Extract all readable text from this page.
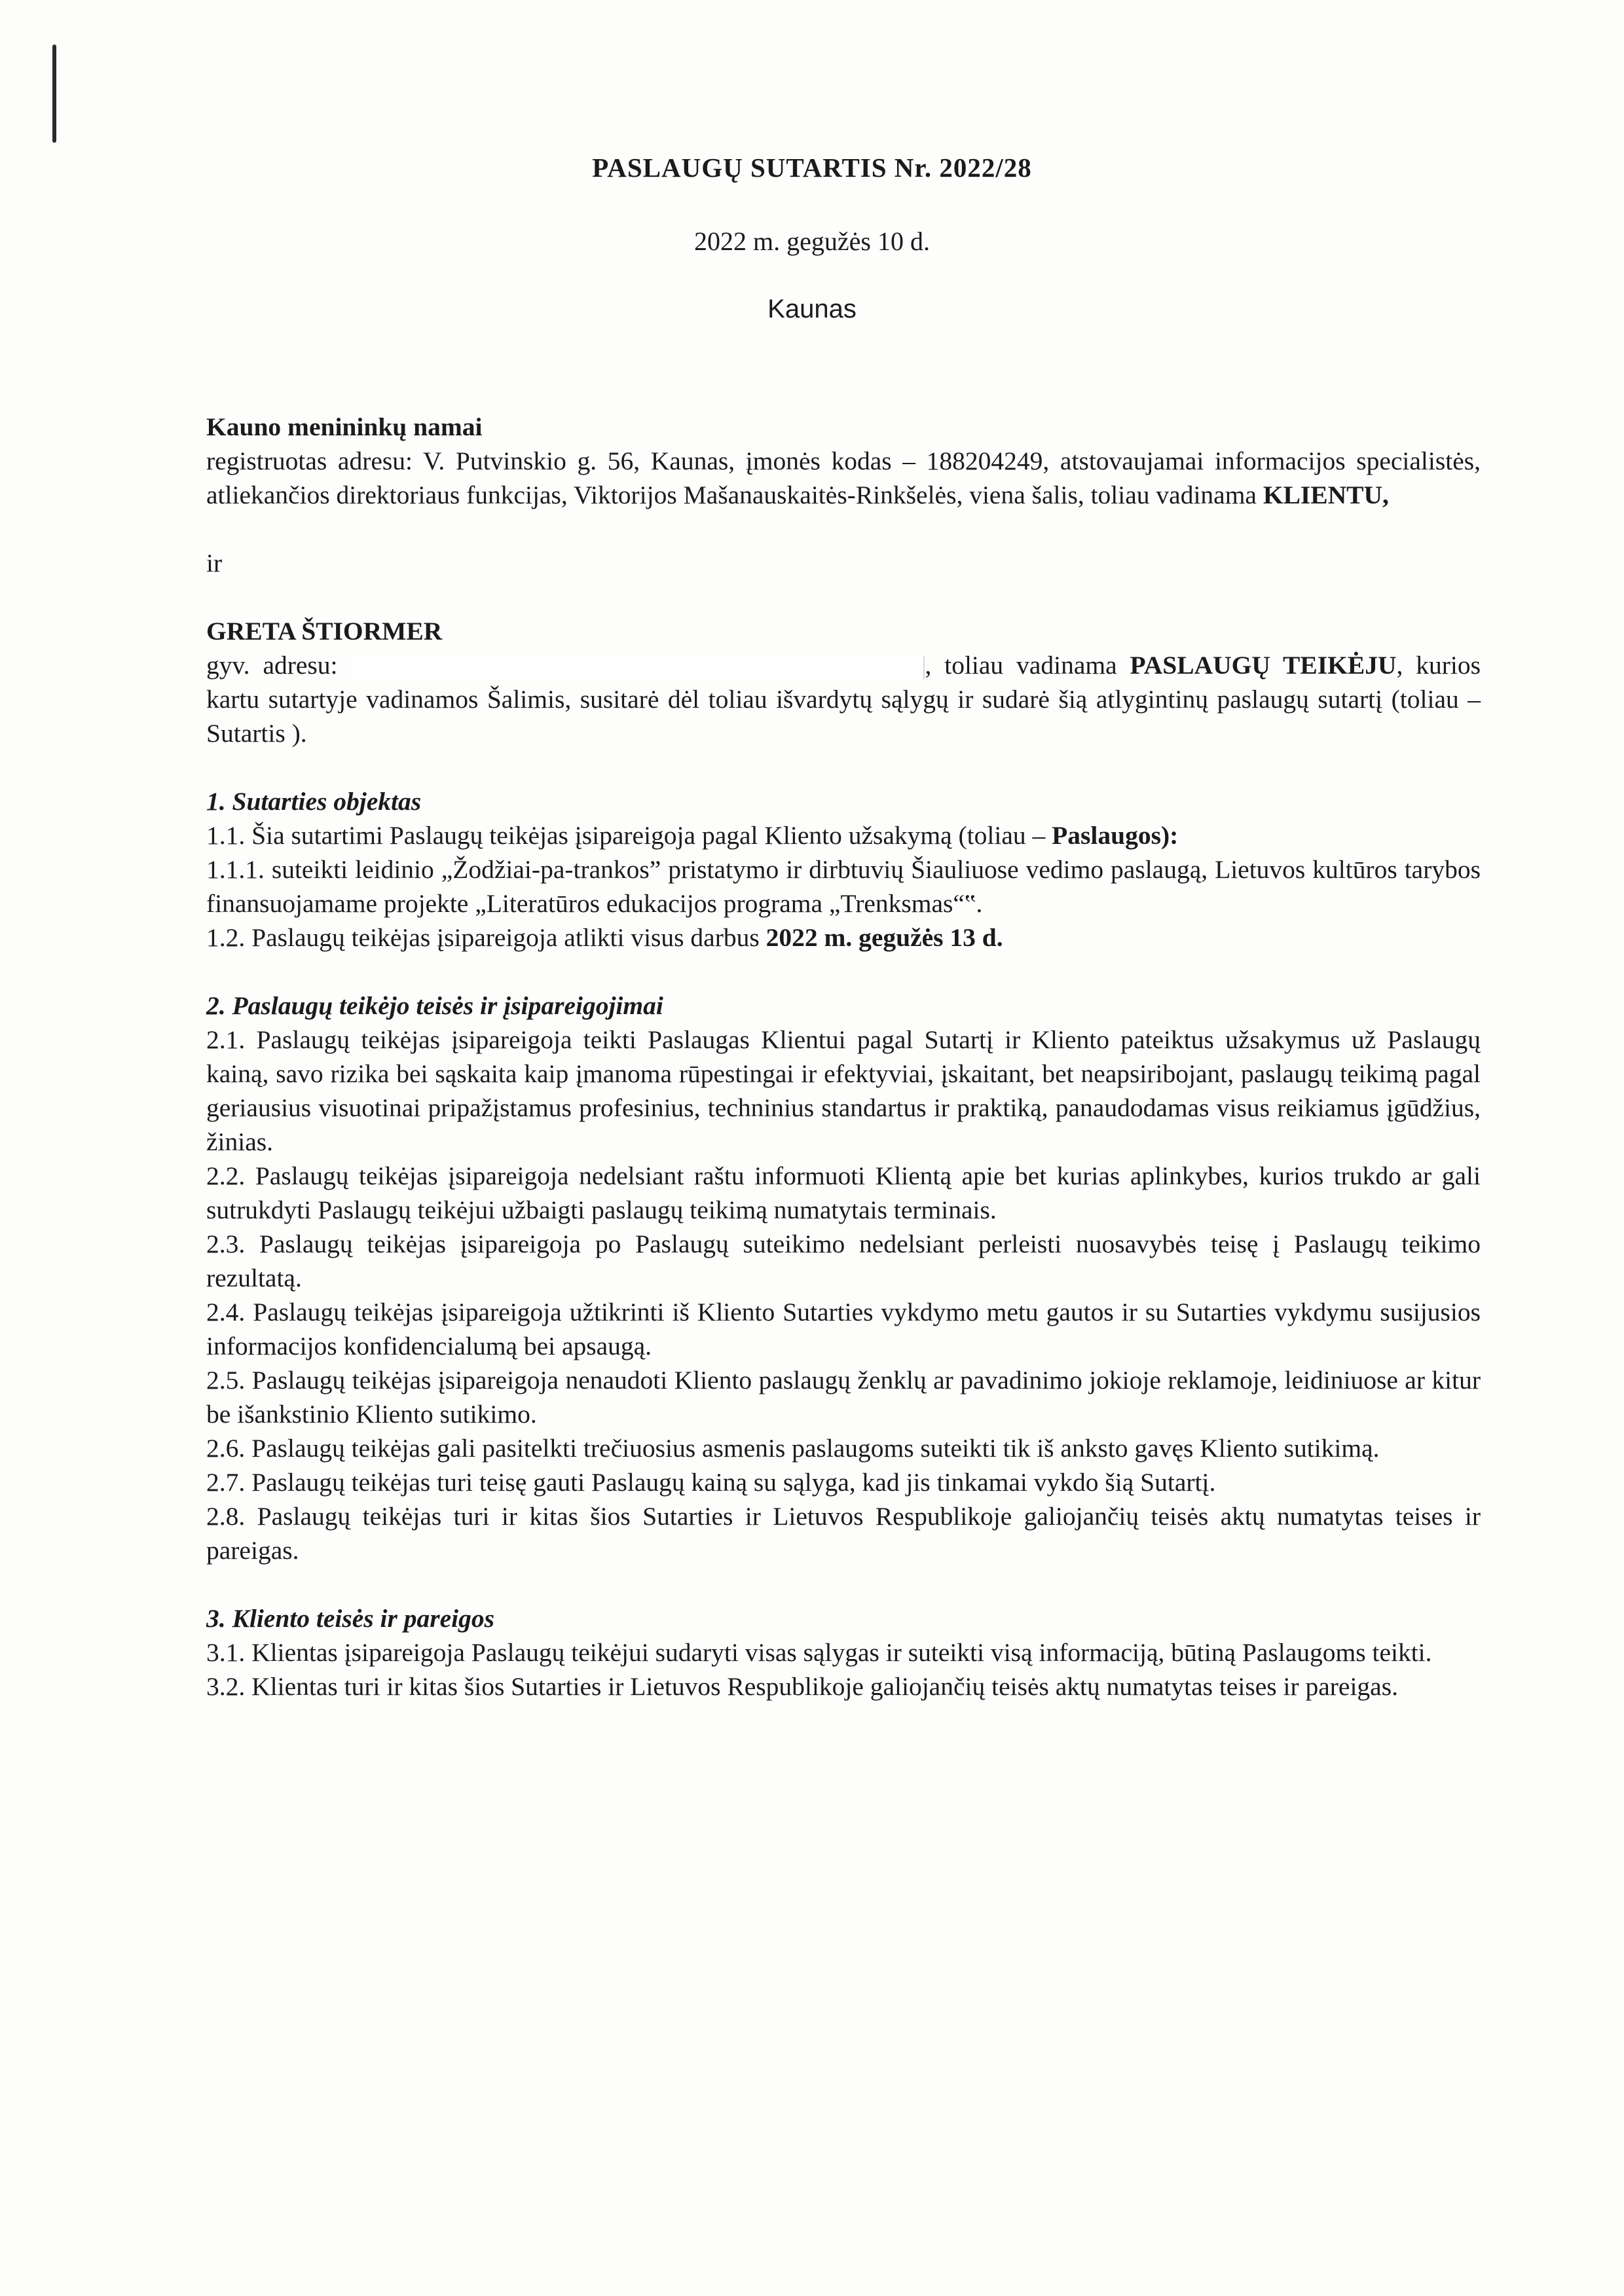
PASLAUGŲ SUTARTIS Nr. 2022/28
2022 m. gegužės 10 d.
Kaunas

Kauno menininkų namai

registruotas adresu: V. Putvinskio g. 56, Kaunas, įmonės kodas – 188204249, atstovaujamai informacijos specialistės, atliekančios direktoriaus funkcijas, Viktorijos Mašanauskaitės-Rinkšelės, viena šalis, toliau vadinama KLIENTU,

ir

GRETA ŠTIORMER

gyv. adresu:	, toliau vadinama PASLAUGŲ TEIKĖJU, kurios kartu sutartyje vadinamos Šalimis, susitarė dėl toliau išvardytų sąlygų ir sudarė šią atlygintinų paslaugų sutartį (toliau – Sutartis ).

1. Sutarties objektas

1.1. Šia sutartimi Paslaugų teikėjas įsipareigoja pagal Kliento užsakymą (toliau – Paslaugos):

1.1.1. suteikti leidinio „Žodžiai-pa-trankos” pristatymo ir dirbtuvių Šiauliuose vedimo paslaugą, Lietuvos kultūros tarybos finansuojamame projekte „Literatūros edukacijos programa „Trenksmas“‟.

1.2. Paslaugų teikėjas įsipareigoja atlikti visus darbus 2022 m. gegužės 13 d.

2. Paslaugų teikėjo teisės ir įsipareigojimai

2.1. Paslaugų teikėjas įsipareigoja teikti Paslaugas Klientui pagal Sutartį ir Kliento pateiktus užsakymus už Paslaugų kainą, savo rizika bei sąskaita kaip įmanoma rūpestingai ir efektyviai, įskaitant, bet neapsiribojant, paslaugų teikimą pagal geriausius visuotinai pripažįstamus profesinius, techninius standartus ir praktiką, panaudodamas visus reikiamus įgūdžius, žinias.

2.2. Paslaugų teikėjas įsipareigoja nedelsiant raštu informuoti Klientą apie bet kurias aplinkybes, kurios trukdo ar gali sutrukdyti Paslaugų teikėjui užbaigti paslaugų teikimą numatytais terminais.

2.3. Paslaugų teikėjas įsipareigoja po Paslaugų suteikimo nedelsiant perleisti nuosavybės teisę į Paslaugų teikimo rezultatą.

2.4. Paslaugų teikėjas įsipareigoja užtikrinti iš Kliento Sutarties vykdymo metu gautos ir su Sutarties vykdymu susijusios informacijos konfidencialumą bei apsaugą.

2.5. Paslaugų teikėjas įsipareigoja nenaudoti Kliento paslaugų ženklų ar pavadinimo jokioje reklamoje, leidiniuose ar kitur be išankstinio Kliento sutikimo.

2.6. Paslaugų teikėjas gali pasitelkti trečiuosius asmenis paslaugoms suteikti tik iš anksto gavęs Kliento sutikimą.

2.7. Paslaugų teikėjas turi teisę gauti Paslaugų kainą su sąlyga, kad jis tinkamai vykdo šią Sutartį.

2.8. Paslaugų teikėjas turi ir kitas šios Sutarties ir Lietuvos Respublikoje galiojančių teisės aktų numatytas teises ir pareigas.

3. Kliento teisės ir pareigos

3.1. Klientas įsipareigoja Paslaugų teikėjui sudaryti visas sąlygas ir suteikti visą informaciją, būtiną Paslaugoms teikti.

3.2. Klientas turi ir kitas šios Sutarties ir Lietuvos Respublikoje galiojančių teisės aktų numatytas teises ir pareigas.
